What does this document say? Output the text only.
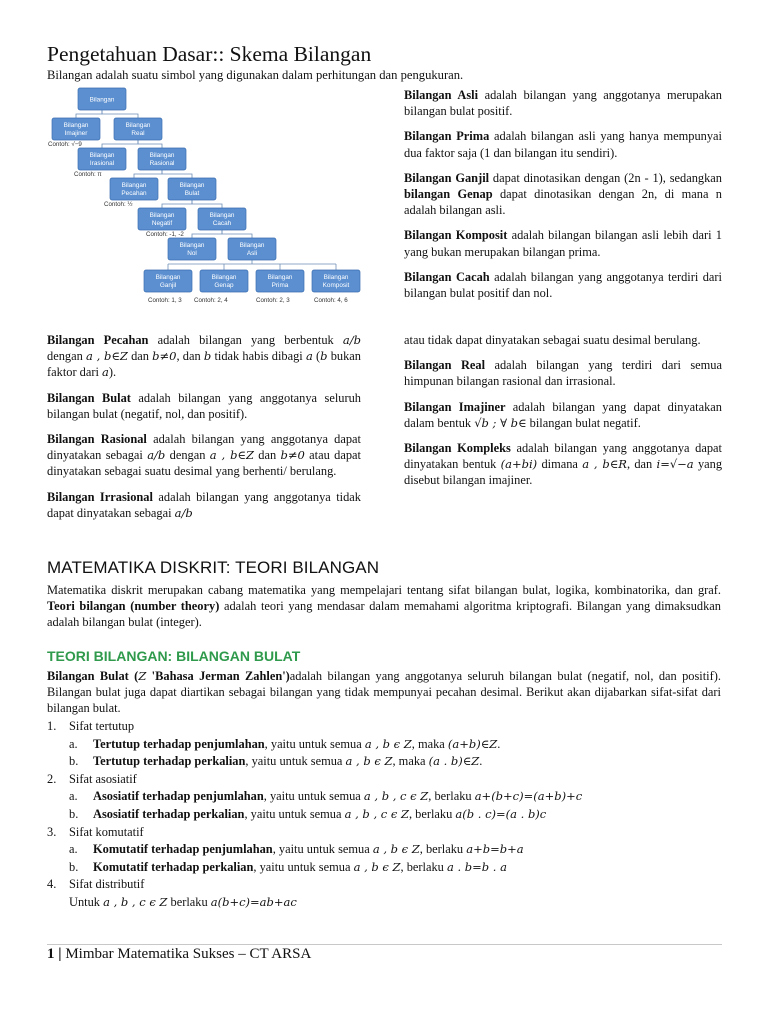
Pengetahuan Dasar:: Skema Bilangan
Bilangan adalah suatu simbol yang digunakan dalam perhitungan dan pengukuran.
Bilangan
Bilangan
Imajiner
Bilangan
Real
Bilangan
Irasional
Bilangan
Rasional
Bilangan
Pecahan
Bilangan
Bulat
Bilangan
Negatif
Bilangan
Cacah
Bilangan
Nol
Bilangan
Asli
Bilangan
Ganjil
Bilangan
Genap
Bilangan
Prima
Bilangan
Komposit
Contoh: √−9
Contoh: π
Contoh: ½
Contoh: -1, -2
Contoh: 1, 3 Contoh: 2, 4	Contoh: 2, 3	Contoh: 4, 6

Bilangan Asli adalah bilangan yang anggotanya merupakan bilangan bulat positif.

Bilangan Prima adalah bilangan asli yang hanya mempunyai dua faktor saja (1 dan bilangan itu sendiri).

Bilangan Ganjil dapat dinotasikan dengan (2n - 1), sedangkan bilangan Genap dapat dinotasikan dengan 2n, di mana n adalah bilangan asli.

Bilangan Komposit adalah bilangan bilangan asli lebih dari 1 yang bukan merupakan bilangan prima.

Bilangan Cacah adalah bilangan yang anggotanya terdiri dari bilangan bulat positif dan nol.

Bilangan Pecahan adalah bilangan yang berbentuk a/b dengan a , b∈Z dan b≠0, dan b tidak habis dibagi a (b bukan faktor dari a).

Bilangan Bulat adalah bilangan yang anggotanya seluruh bilangan bulat (negatif, nol, dan positif).

Bilangan Rasional adalah bilangan yang anggotanya dapat dinyatakan sebagai a/b dengan a , b∈Z dan b≠0 atau dapat dinyatakan sebagai suatu desimal yang berhenti/ berulang.

Bilangan Irrasional adalah bilangan yang anggotanya tidak dapat dinyatakan sebagai a/b

atau tidak dapat dinyatakan sebagai suatu desimal berulang.

Bilangan Real adalah bilangan yang terdiri dari semua himpunan bilangan rasional dan irrasional.

Bilangan Imajiner adalah bilangan yang dapat dinyatakan dalam bentuk √b ; ∀ b∈ bilangan bulat negatif.

Bilangan Kompleks adalah bilangan yang anggotanya dapat dinyatakan bentuk (a+bi) dimana a , b∈R, dan i=√−a yang disebut bilangan imajiner.

MATEMATIKA DISKRIT: TEORI BILANGAN
Matematika diskrit merupakan cabang matematika yang mempelajari tentang sifat bilangan bulat, logika, kombinatorika, dan graf. Teori bilangan (number theory) adalah teori yang mendasar dalam memahami algoritma kriptografi. Bilangan yang dimaksudkan adalah bilangan bulat (integer).
TEORI BILANGAN: BILANGAN BULAT
Bilangan Bulat (Z 'Bahasa Jerman Zahlen')adalah bilangan yang anggotanya seluruh bilangan bulat (negatif, nol, dan positif). Bilangan bulat juga dapat diartikan sebagai bilangan yang tidak mempunyai pecahan desimal. Berikut akan dijabarkan sifat-sifat dari bilangan bulat.
1. Sifat tertutup
a. Tertutup terhadap penjumlahan, yaitu untuk semua a , b ϵ Z, maka (a+b)∈Z.
b. Tertutup terhadap perkalian, yaitu untuk semua a , b ϵ Z, maka (a . b)∈Z.
2. Sifat asosiatif
a. Asosiatif terhadap penjumlahan, yaitu untuk semua a , b , c ϵ Z, berlaku a+(b+c)=(a+b)+c
b. Asosiatif terhadap perkalian, yaitu untuk semua a , b , c ϵ Z, berlaku a(b . c)=(a . b)c
3. Sifat komutatif
a. Komutatif terhadap penjumlahan, yaitu untuk semua a , b ϵ Z, berlaku a+b=b+a
b. Komutatif terhadap perkalian, yaitu untuk semua a , b ϵ Z, berlaku a . b=b . a
4. Sifat distributif
Untuk a , b , c ϵ Z berlaku a(b+c)=ab+ac
1 | Mimbar Matematika Sukses – CT ARSA
